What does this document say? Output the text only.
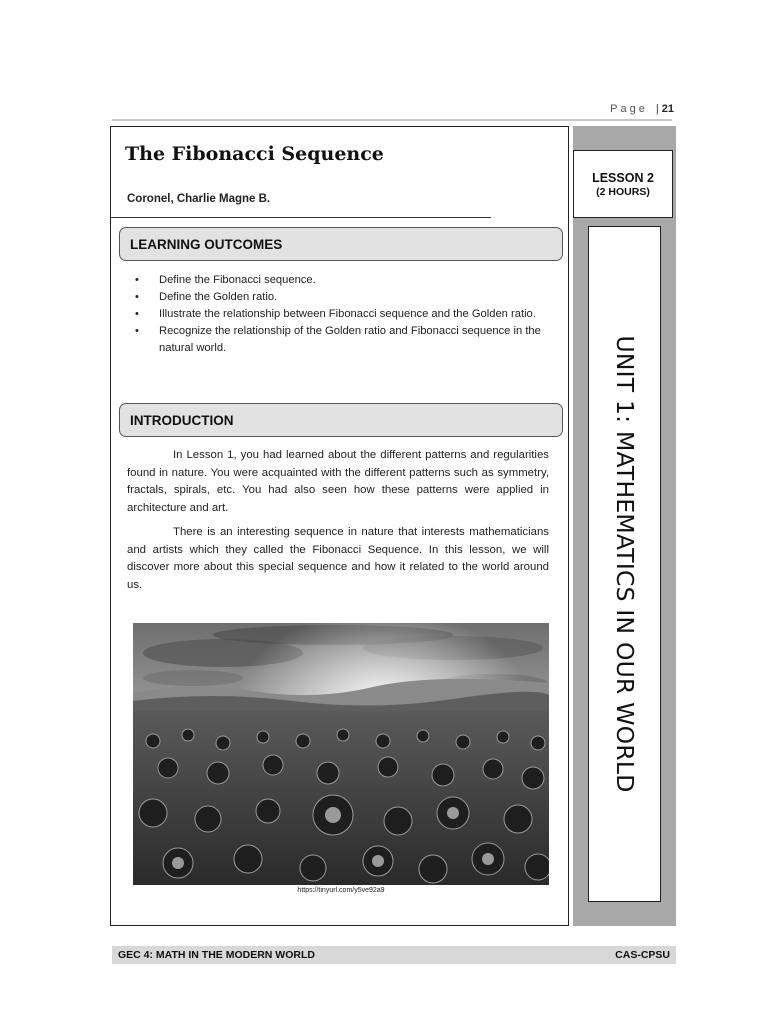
Page |21
LESSON 2
(2 HOURS)
UNIT 1: MATHEMATICS IN OUR WORLD
The Fibonacci Sequence
Coronel, Charlie Magne B.
LEARNING OUTCOMES
• Define the Fibonacci sequence.
• Define the Golden ratio.
• Illustrate the relationship between Fibonacci sequence and the Golden ratio.
• Recognize the relationship of the Golden ratio and Fibonacci sequence in the natural world.
INTRODUCTION

In Lesson 1, you had learned about the different patterns and regularities found in nature. You were acquainted with the different patterns such as symmetry, fractals, spirals, etc. You had also seen how these patterns were applied in architecture and art.

There is an interesting sequence in nature that interests mathematicians and artists which they called the Fibonacci Sequence. In this lesson, we will discover more about this special sequence and how it related to the world around us.

https://tinyurl.com/y5ve92a9
GEC 4: MATH IN THE MODERN WORLD	CAS-CPSU
